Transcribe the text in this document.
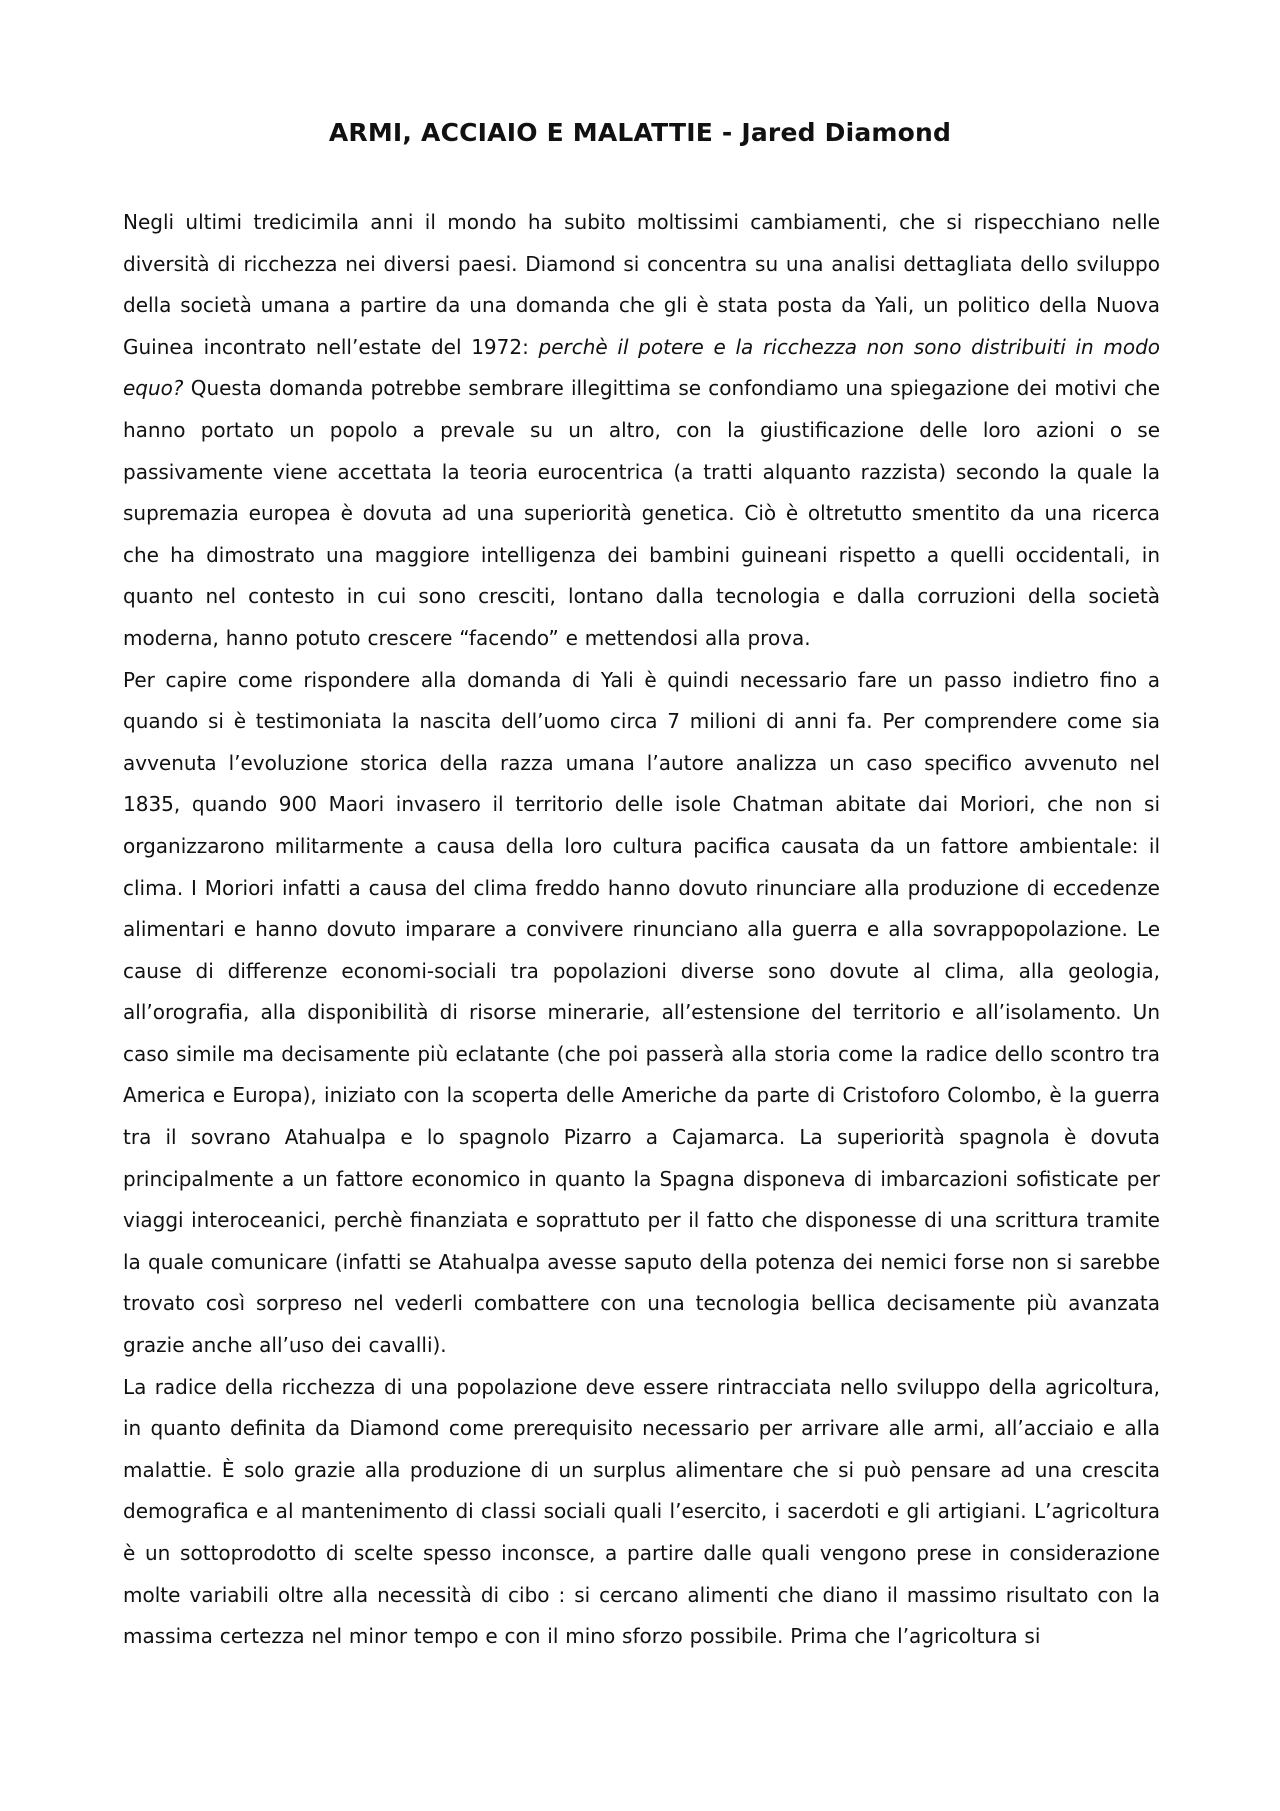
ARMI, ACCIAIO E MALATTIE - Jared Diamond

Negli ultimi tredicimila anni il mondo ha subito moltissimi cambiamenti, che si rispecchiano nelle diversità di ricchezza nei diversi paesi. Diamond si concentra su una analisi dettagliata dello sviluppo della società umana a partire da una domanda che gli è stata posta da Yali, un politico della Nuova Guinea incontrato nell’estate del 1972: perchè il potere e la ricchezza non sono distribuiti in modo equo? Questa domanda potrebbe sembrare illegittima se confondiamo una spiegazione dei motivi che hanno portato un popolo a prevale su un altro, con la giustificazione delle loro azioni o se passivamente viene accettata la teoria eurocentrica (a tratti alquanto razzista) secondo la quale la supremazia europea è dovuta ad una superiorità genetica. Ciò è oltretutto smentito da una ricerca che ha dimostrato una maggiore intelligenza dei bambini guineani rispetto a quelli occidentali, in quanto nel contesto in cui sono cresciti, lontano dalla tecnologia e dalla corruzioni della società moderna, hanno potuto crescere “facendo” e mettendosi alla prova.

Per capire come rispondere alla domanda di Yali è quindi necessario fare un passo indietro fino a quando si è testimoniata la nascita dell’uomo circa 7 milioni di anni fa. Per comprendere come sia avvenuta l’evoluzione storica della razza umana l’autore analizza un caso specifico avvenuto nel 1835, quando 900 Maori invasero il territorio delle isole Chatman abitate dai Moriori, che non si organizzarono militarmente a causa della loro cultura pacifica causata da un fattore ambientale: il clima. I Moriori infatti a causa del clima freddo hanno dovuto rinunciare alla produzione di eccedenze alimentari e hanno dovuto imparare a convivere rinunciano alla guerra e alla sovrappopolazione. Le cause di differenze economi-sociali tra popolazioni diverse sono dovute al clima, alla geologia, all’orografia, alla disponibilità di risorse minerarie, all’estensione del territorio e all’isolamento. Un caso simile ma decisamente più eclatante (che poi passerà alla storia come la radice dello scontro tra America e Europa), iniziato con la scoperta delle Americhe da parte di Cristoforo Colombo, è la guerra tra il sovrano Atahualpa e lo spagnolo Pizarro a Cajamarca. La superiorità spagnola è dovuta principalmente a un fattore economico in quanto la Spagna disponeva di imbarcazioni sofisticate per viaggi interoceanici, perchè finanziata e soprattuto per il fatto che disponesse di una scrittura tramite la quale comunicare (infatti se Atahualpa avesse saputo della potenza dei nemici forse non si sarebbe trovato così sorpreso nel vederli combattere con una tecnologia bellica decisamente più avanzata grazie anche all’uso dei cavalli).

La radice della ricchezza di una popolazione deve essere rintracciata nello sviluppo della agricoltura, in quanto definita da Diamond come prerequisito necessario per arrivare alle armi, all’acciaio e alla malattie. È solo grazie alla produzione di un surplus alimentare che si può pensare ad una crescita demografica e al mantenimento di classi sociali quali l’esercito, i sacerdoti e gli artigiani. L’agricoltura è un sottoprodotto di scelte spesso inconsce, a partire dalle quali vengono prese in considerazione molte variabili oltre alla necessità di cibo : si cercano alimenti che diano il massimo risultato con la massima certezza nel minor tempo e con il mino sforzo possibile. Prima che l’agricoltura si
